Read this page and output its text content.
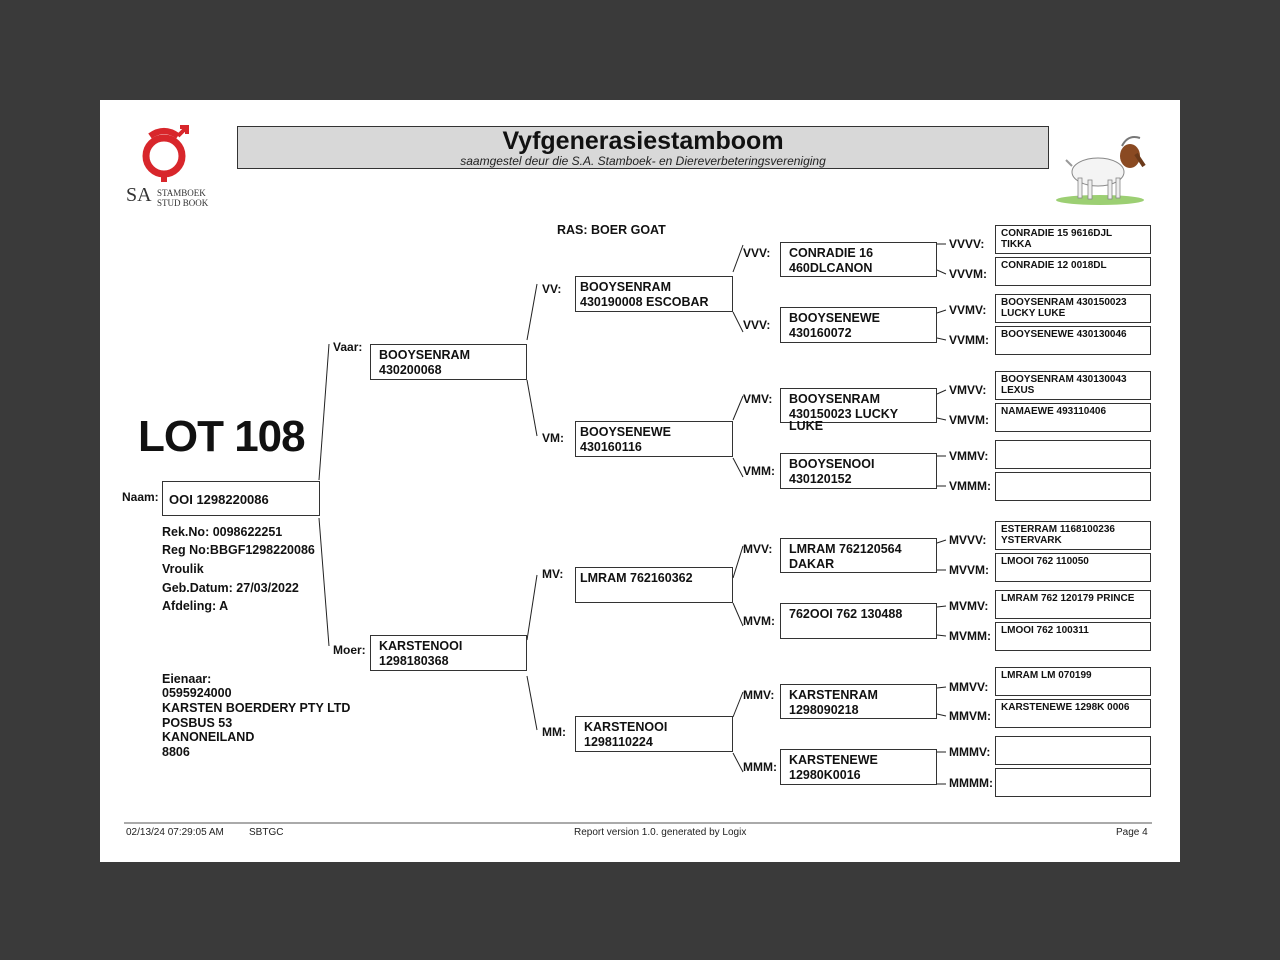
SA STAMBOEK
STUD BOOK
Vyfgenerasiestamboom
saamgestel deur die S.A. Stamboek- en Diereverbeteringsvereniging
RAS: BOER GOAT
LOT 108
Naam: OOI 1298220086
Rek.No: 0098622251
Reg No:BBGF1298220086
Vroulik
Geb.Datum: 27/03/2022
Afdeling: A
Eienaar:
0595924000
KARSTEN BOERDERY PTY LTD
POSBUS 53
KANONEILAND
8806
Vaar:
BOOYSENRAM
430200068
Moer: KARSTENOOI
1298180368
VV: BOOYSENRAM
430190008 ESCOBAR
VM: BOOYSENEWE
430160116
MV: LMRAM 762160362
MM: KARSTENOOI
1298110224
VVV: CONRADIE 16
460DLCANON
VVV: BOOYSENEWE
430160072
VMV: BOOYSENRAM
430150023 LUCKY
LUKE
VMM: BOOYSENOOI
430120152
MVV: LMRAM 762120564
DAKAR
MVM: 762OOI 762 130488
MMV: KARSTENRAM
1298090218
MMM: KARSTENEWE
12980K0016
VVVV:
CONRADIE 15 9616DJL TIKKA
VVVM:
CONRADIE 12 0018DL
VVMV:
BOOYSENRAM 430150023
LUCKY LUKE
VVMM: BOOYSENEWE 430130046
VMVV:
BOOYSENRAM 430130043
LEXUS
VMVM:
NAMAEWE 493110406
VMMV:
VMMM:
MVVV:
ESTERRAM 1168100236
YSTERVARK
MVVM:
LMOOI 762 110050
MVMV:
LMRAM 762 120179 PRINCE
MVMM: LMOOI 762 100311
MMVV:
LMRAM LM 070199
MMVM:
KARSTENEWE 1298K 0006
MMMV:
MMMM:
02/13/24 07:29:05 AM	SBTGC	Report version 1.0. generated by Logix	Page 4
